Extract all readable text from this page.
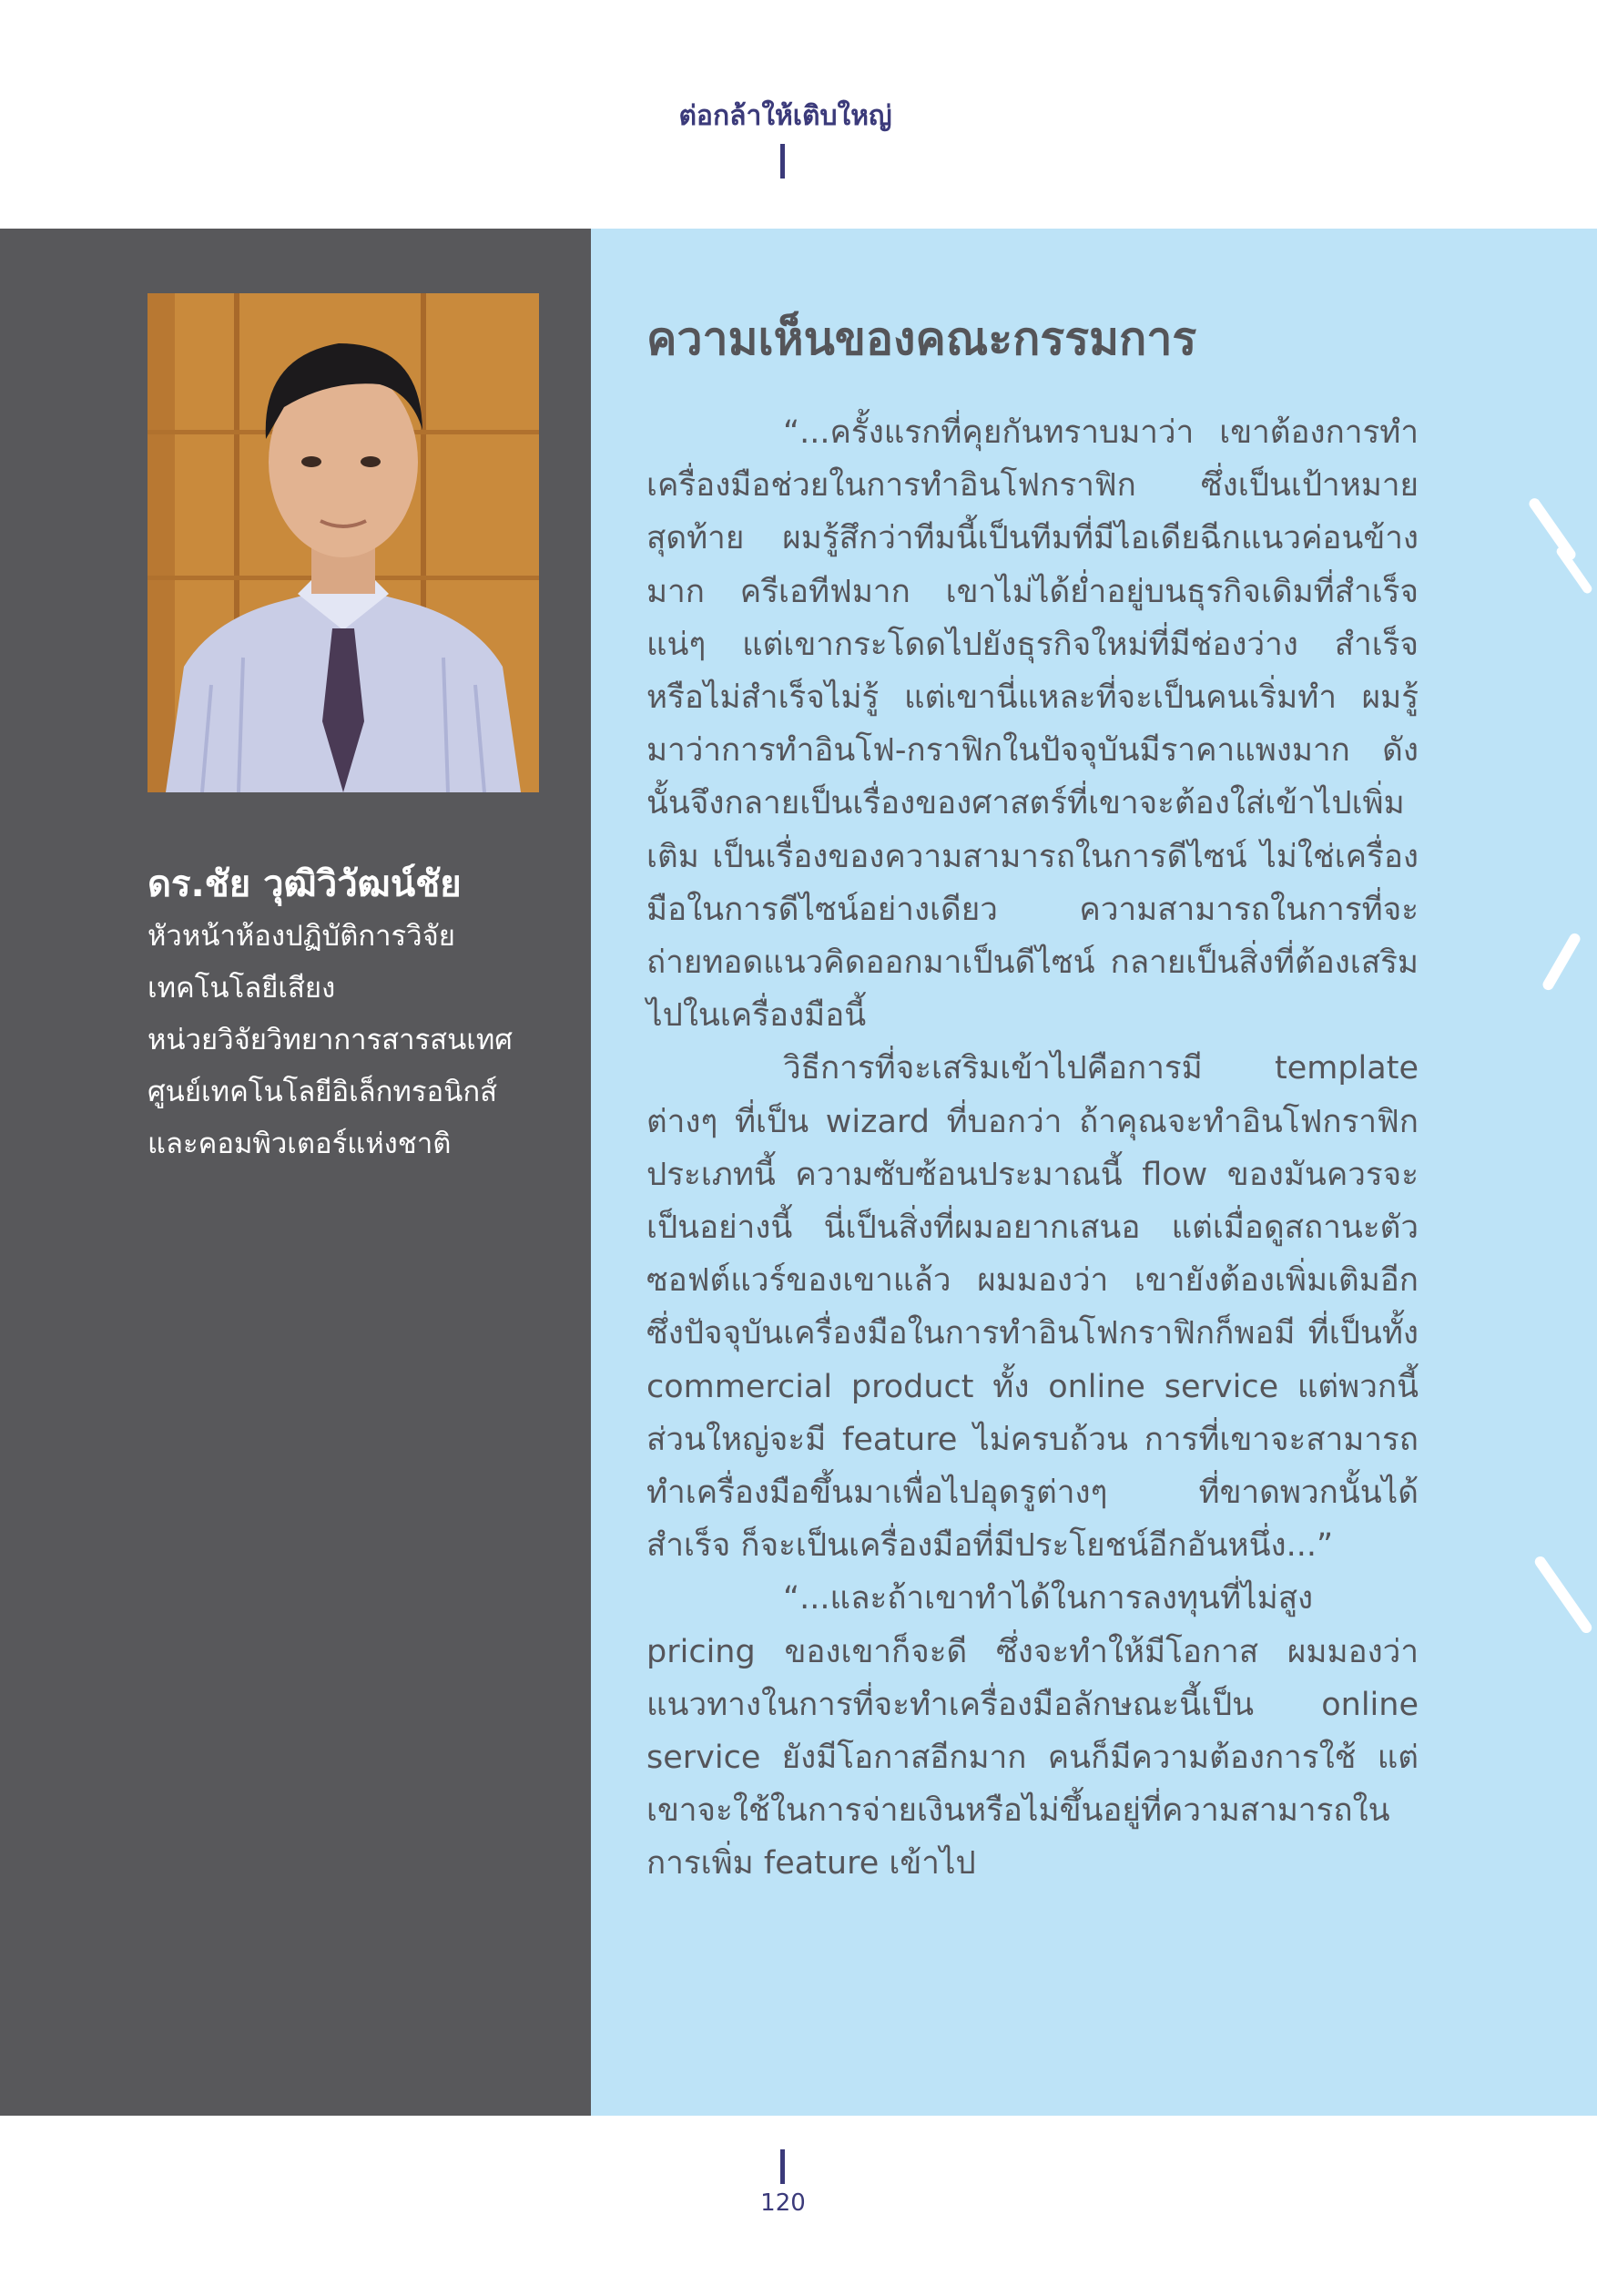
ต่อกล้าให้เติบใหญ่
ดร.ชัย วุฒิวิวัฒน์ชัย
หัวหน้าห้องปฏิบัติการวิจัย
เทคโนโลยีเสียง
หน่วยวิจัยวิทยาการสารสนเทศ
ศูนย์เทคโนโลยีอิเล็กทรอนิกส์
และคอมพิวเตอร์แห่งชาติ
ความเห็นของคณะกรรมการ

“...ครั้งแรกที่คุยกันทราบมาว่า เขาต้องการทำเครื่องมือช่วยในการทำอินโฟกราฟิก ซึ่งเป็นเป้าหมายสุดท้าย ผมรู้สึกว่าทีมนี้เป็นทีมที่มีไอเดียฉีกแนวค่อนข้างมาก ครีเอทีฟมาก เขาไม่ได้ย่ำอยู่บนธุรกิจเดิมที่สำเร็จแน่ๆ แต่เขากระโดดไปยังธุรกิจใหม่ที่มีช่องว่าง สำเร็จหรือไม่สำเร็จไม่รู้ แต่เขานี่แหละที่จะเป็นคนเริ่มทำ ผมรู้มาว่าการทำอินโฟ-กราฟิกในปัจจุบันมีราคาแพงมาก ดังนั้นจึงกลายเป็นเรื่องของศาสตร์ที่เขาจะต้องใส่เข้าไปเพิ่มเติม เป็นเรื่องของความสามารถในการดีไซน์ ไม่ใช่เครื่องมือในการดีไซน์อย่างเดียว ความสามารถในการที่จะถ่ายทอดแนวคิดออกมาเป็นดีไซน์ กลายเป็นสิ่งที่ต้องเสริมไปในเครื่องมือนี้

วิธีการที่จะเสริมเข้าไปคือการมี template ต่างๆ ที่เป็น wizard ที่บอกว่า ถ้าคุณจะทำอินโฟกราฟิกประเภทนี้ ความซับซ้อนประมาณนี้ flow ของมันควรจะเป็นอย่างนี้ นี่เป็นสิ่งที่ผมอยากเสนอ แต่เมื่อดูสถานะตัวซอฟต์แวร์ของเขาแล้ว ผมมองว่า เขายังต้องเพิ่มเติมอีก ซึ่งปัจจุบันเครื่องมือในการทำอินโฟกราฟิกก็พอมี ที่เป็นทั้ง commercial product ทั้ง online service แต่พวกนี้ส่วนใหญ่จะมี feature ไม่ครบถ้วน การที่เขาจะสามารถทำเครื่องมือขึ้นมาเพื่อไปอุดรูต่างๆ ที่ขาดพวกนั้นได้สำเร็จ ก็จะเป็นเครื่องมือที่มีประโยชน์อีกอันหนึ่ง...”

“...และถ้าเขาทำได้ในการลงทุนที่ไม่สูง pricing ของเขาก็จะดี ซึ่งจะทำให้มีโอกาส ผมมองว่าแนวทางในการที่จะทำเครื่องมือลักษณะนี้เป็น online service ยังมีโอกาสอีกมาก คนก็มีความต้องการใช้ แต่เขาจะใช้ในการจ่ายเงินหรือไม่ขึ้นอยู่ที่ความสามารถในการเพิ่ม feature เข้าไป

120
